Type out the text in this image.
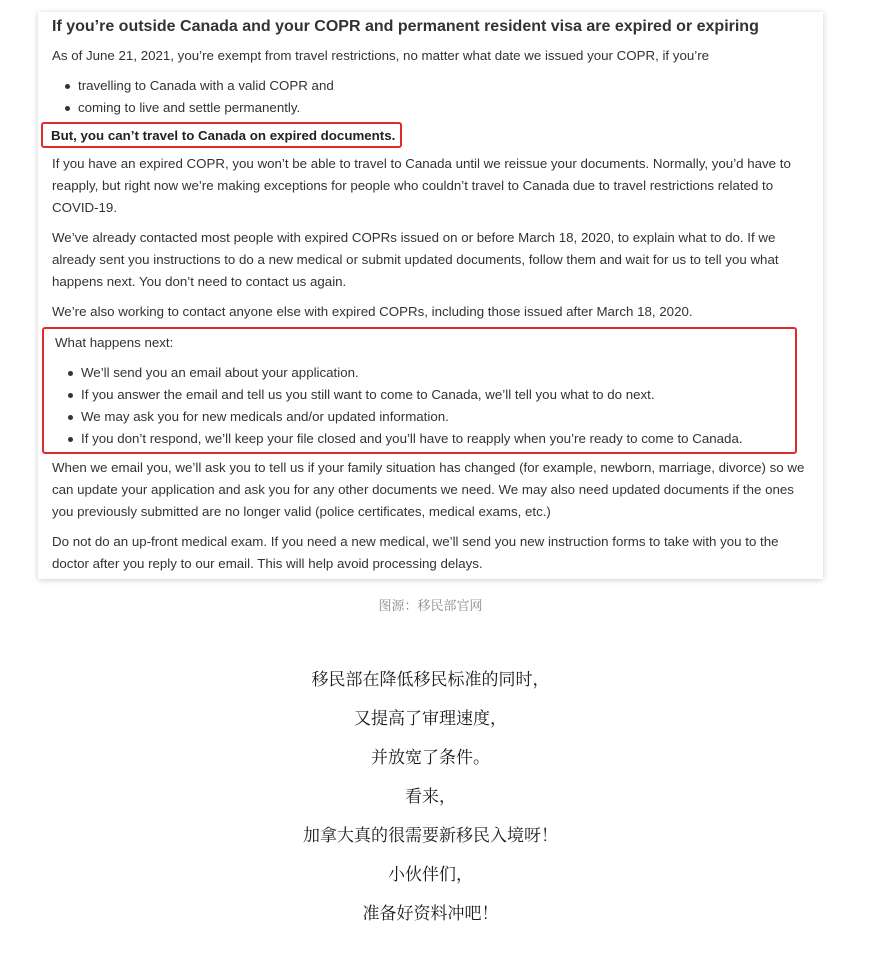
If you’re outside Canada and your COPR and permanent resident visa are expired or expiring
As of June 21, 2021, you’re exempt from travel restrictions, no matter what date we issued your COPR, if you’re
travelling to Canada with a valid COPR and
coming to live and settle permanently.
But, you can’t travel to Canada on expired documents.
If you have an expired COPR, you won’t be able to travel to Canada until we reissue your documents. Normally, you’d have to reapply, but right now we’re making exceptions for people who couldn’t travel to Canada due to travel restrictions related to COVID-19.
We’ve already contacted most people with expired COPRs issued on or before March 18, 2020, to explain what to do. If we already sent you instructions to do a new medical or submit updated documents, follow them and wait for us to tell you what happens next. You don’t need to contact us again.
We’re also working to contact anyone else with expired COPRs, including those issued after March 18, 2020.
What happens next:
We’ll send you an email about your application.
If you answer the email and tell us you still want to come to Canada, we’ll tell you what to do next.
We may ask you for new medicals and/or updated information.
If you don’t respond, we’ll keep your file closed and you’ll have to reapply when you’re ready to come to Canada.
When we email you, we’ll ask you to tell us if your family situation has changed (for example, newborn, marriage, divorce) so we can update your application and ask you for any other documents we need. We may also need updated documents if the ones you previously submitted are no longer valid (police certificates, medical exams, etc.)
Do not do an up-front medical exam. If you need a new medical, we’ll send you new instruction forms to take with you to the doctor after you reply to our email. This will help avoid processing delays.
图源：移民部官网
移民部在降低移民标准的同时，
又提高了审理速度，
并放宽了条件。
看来，
加拿大真的很需要新移民入境呀！
小伙伴们，
准备好资料冲吧！
